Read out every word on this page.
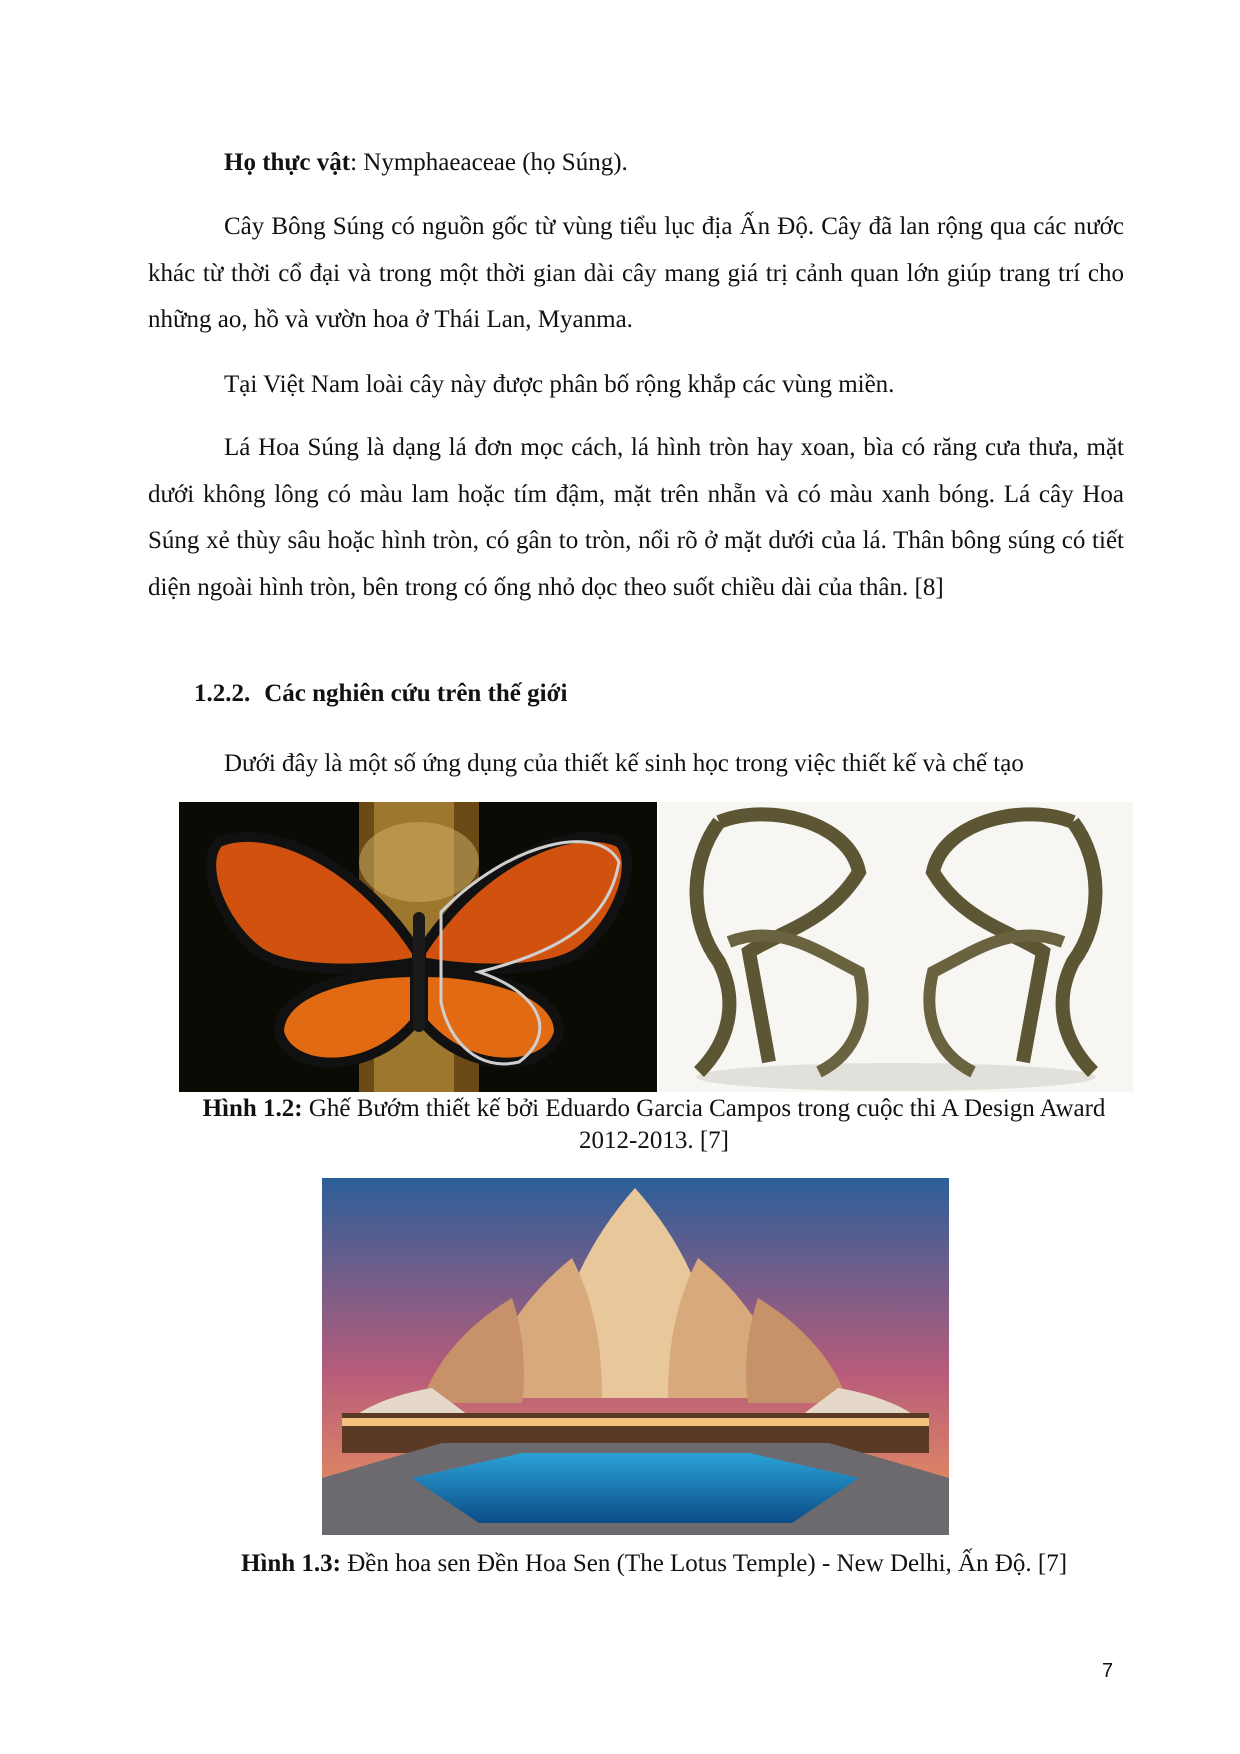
Họ thực vật: Nymphaeaceae (họ Súng).

Cây Bông Súng có nguồn gốc từ vùng tiểu lục địa Ấn Độ. Cây đã lan rộng qua các nước khác từ thời cổ đại và trong một thời gian dài cây mang giá trị cảnh quan lớn giúp trang trí cho những ao, hồ và vườn hoa ở Thái Lan, Myanma.

Tại Việt Nam loài cây này được phân bố rộng khắp các vùng miền.

Lá Hoa Súng là dạng lá đơn mọc cách, lá hình tròn hay xoan, bìa có răng cưa thưa, mặt dưới không lông có màu lam hoặc tím đậm, mặt trên nhẵn và có màu xanh bóng. Lá cây Hoa Súng xẻ thùy sâu hoặc hình tròn, có gân to tròn, nổi rõ ở mặt dưới của lá. Thân bông súng có tiết diện ngoài hình tròn, bên trong có ống nhỏ dọc theo suốt chiều dài của thân. [8]

1.2.2. Các nghiên cứu trên thế giới

Dưới đây là một số ứng dụng của thiết kế sinh học trong việc thiết kế và chế tạo

Hình 1.2: Ghế Bướm thiết kế bởi Eduardo Garcia Campos trong cuộc thi A Design Award
2012-2013. [7]

Hình 1.3: Đền hoa sen Đền Hoa Sen (The Lotus Temple) - New Delhi, Ấn Độ. [7]

7
